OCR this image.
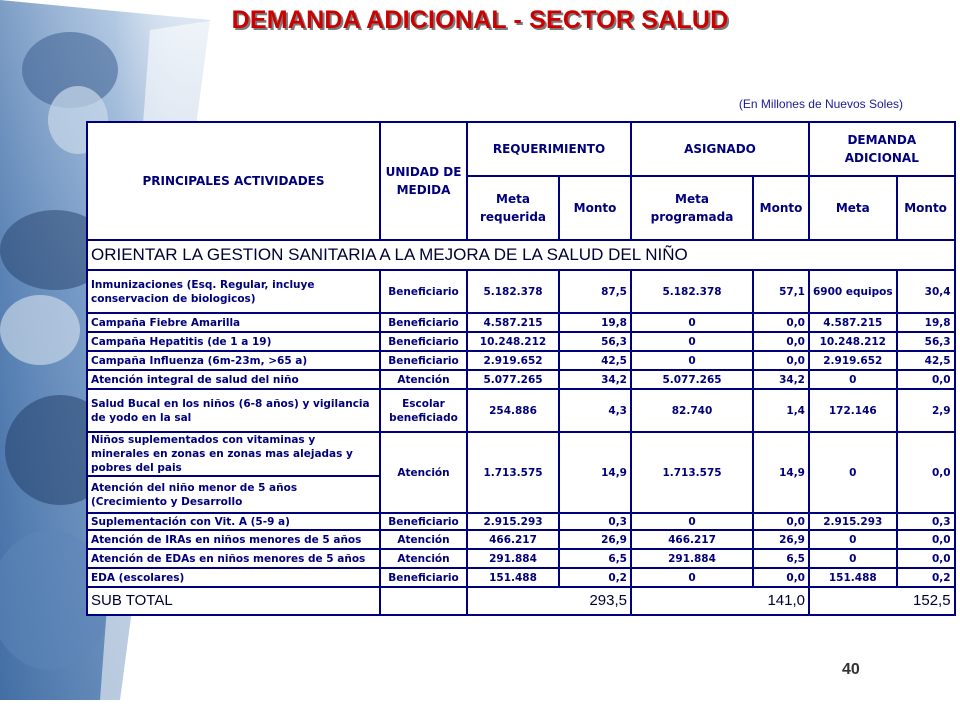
DEMANDA ADICIONAL - SECTOR SALUD
(En Millones de Nuevos Soles)
PRINCIPALES ACTIVIDADES	UNIDAD DE MEDIDA	REQUERIMIENTO		ASIGNADO		DEMANDA ADICIONAL	
		Meta requerida	Monto	Meta programada	Monto	Meta	Monto
ORIENTAR LA GESTION SANITARIA A LA MEJORA DE LA SALUD DEL NIÑO							
Inmunizaciones (Esq. Regular, incluye conservacion de biologicos)	Beneficiario	5.182.378	87,5	5.182.378	57,1	6900 equipos	30,4
Campaña Fiebre Amarilla	Beneficiario	4.587.215	19,8	0	0,0	4.587.215	19,8
Campaña Hepatitis (de 1 a 19)	Beneficiario	10.248.212	56,3	0	0,0	10.248.212	56,3
Campaña Influenza (6m-23m, >65 a)	Beneficiario	2.919.652	42,5	0	0,0	2.919.652	42,5
Atención integral de salud del niño	Atención	5.077.265	34,2	5.077.265	34,2	0	0,0
Salud Bucal en los niños (6-8 años) y vigilancia de yodo en la sal	Escolar beneficiado	254.886	4,3	82.740	1,4	172.146	2,9
Niños suplementados con vitaminas y minerales en zonas en zonas mas alejadas y pobres del pais	Atención	1.713.575	14,9	1.713.575	14,9	0	0,0
Atención del niño menor de 5 años (Crecimiento y Desarrollo							
Suplementación con Vit. A (5-9 a)	Beneficiario	2.915.293	0,3	0	0,0	2.915.293	0,3
Atención de IRAs en niños menores de 5 años	Atención	466.217	26,9	466.217	26,9	0	0,0
Atención de EDAs en niños menores de 5 años	Atención	291.884	6,5	291.884	6,5	0	0,0
EDA (escolares)	Beneficiario	151.488	0,2	0	0,0	151.488	0,2
SUB TOTAL		293,5		141,0		152,5	
40
